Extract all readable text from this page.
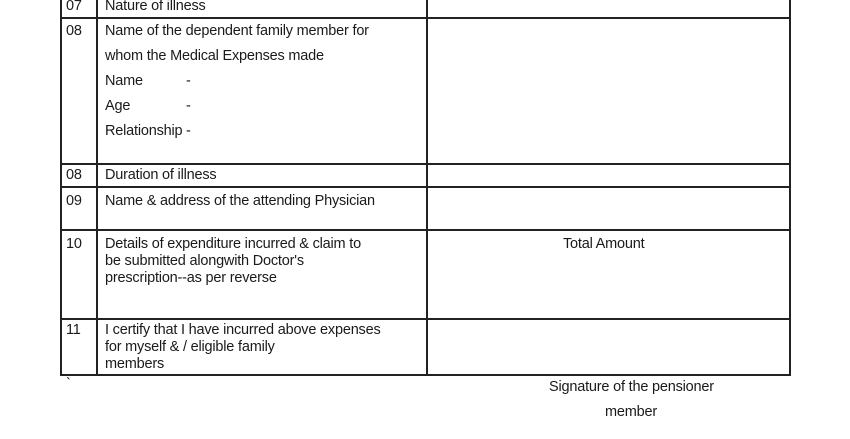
07 Nature of illness
08 Name of the dependent family member for
whom the Medical Expenses made
Name	-
Age	-
Relationship -
08 Duration of illness
09 Name & address of the attending Physician
10 Details of expenditure incurred & claim to
be submitted alongwith Doctor's
prescription--as per reverse
Total Amount
11 I certify that I have incurred above expenses
for myself & / eligible family
members
`	Signature of the pensioner
member
